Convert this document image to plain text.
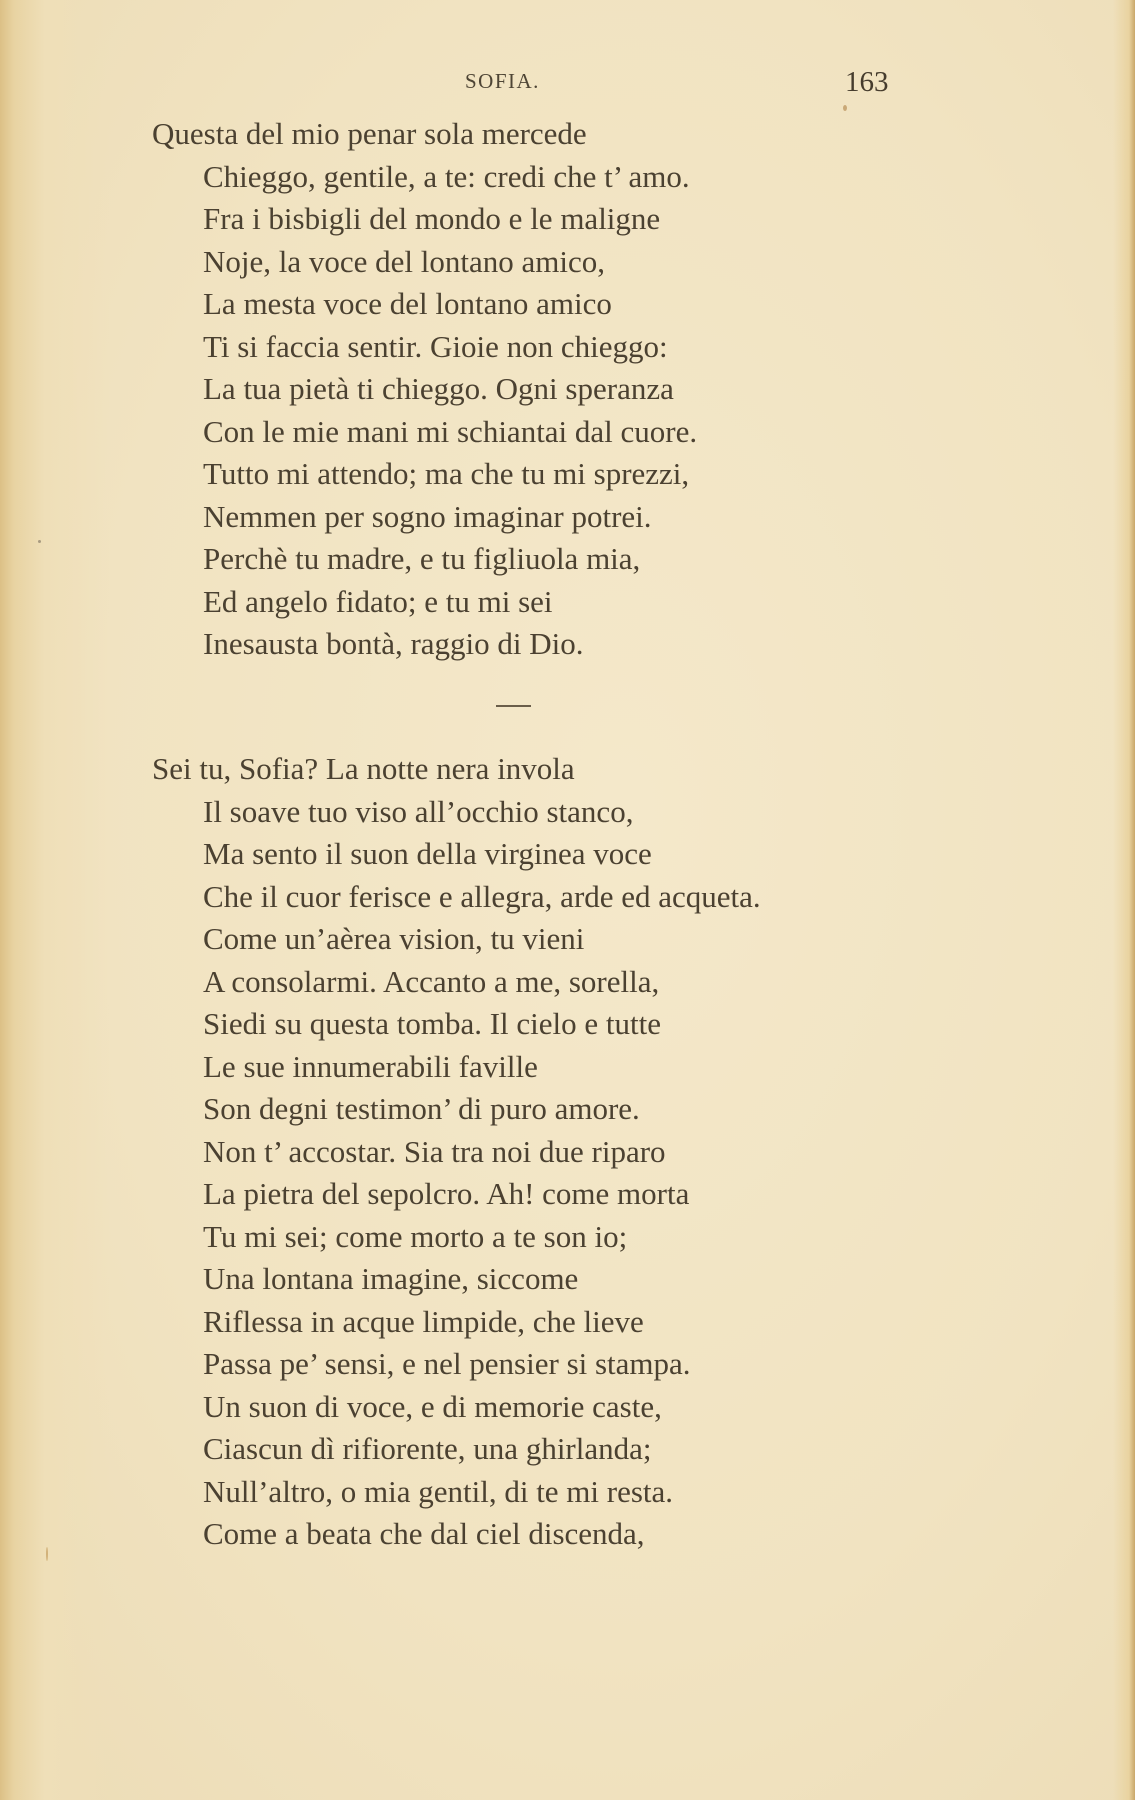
SOFIA.	163
Questa del mio penar sola mercede
Chieggo, gentile, a te: credi che t’ amo.
Fra i bisbigli del mondo e le maligne
Noje, la voce del lontano amico,
La mesta voce del lontano amico
Ti si faccia sentir. Gioie non chieggo:
La tua pietà ti chieggo. Ogni speranza
Con le mie mani mi schiantai dal cuore.
Tutto mi attendo; ma che tu mi sprezzi,
Nemmen per sogno imaginar potrei.
Perchè tu madre, e tu figliuola mia,
Ed angelo fidato; e tu mi sei
Inesausta bontà, raggio di Dio.
Sei tu, Sofia? La notte nera invola
Il soave tuo viso all’occhio stanco,
Ma sento il suon della virginea voce
Che il cuor ferisce e allegra, arde ed acqueta.
Come un’aèrea vision, tu vieni
A consolarmi. Accanto a me, sorella,
Siedi su questa tomba. Il cielo e tutte
Le sue innumerabili faville
Son degni testimon’ di puro amore.
Non t’ accostar. Sia tra noi due riparo
La pietra del sepolcro. Ah! come morta
Tu mi sei; come morto a te son io;
Una lontana imagine, siccome
Riflessa in acque limpide, che lieve
Passa pe’ sensi, e nel pensier si stampa.
Un suon di voce, e di memorie caste,
Ciascun dì rifiorente, una ghirlanda;
Null’altro, o mia gentil, di te mi resta.
Come a beata che dal ciel discenda,
